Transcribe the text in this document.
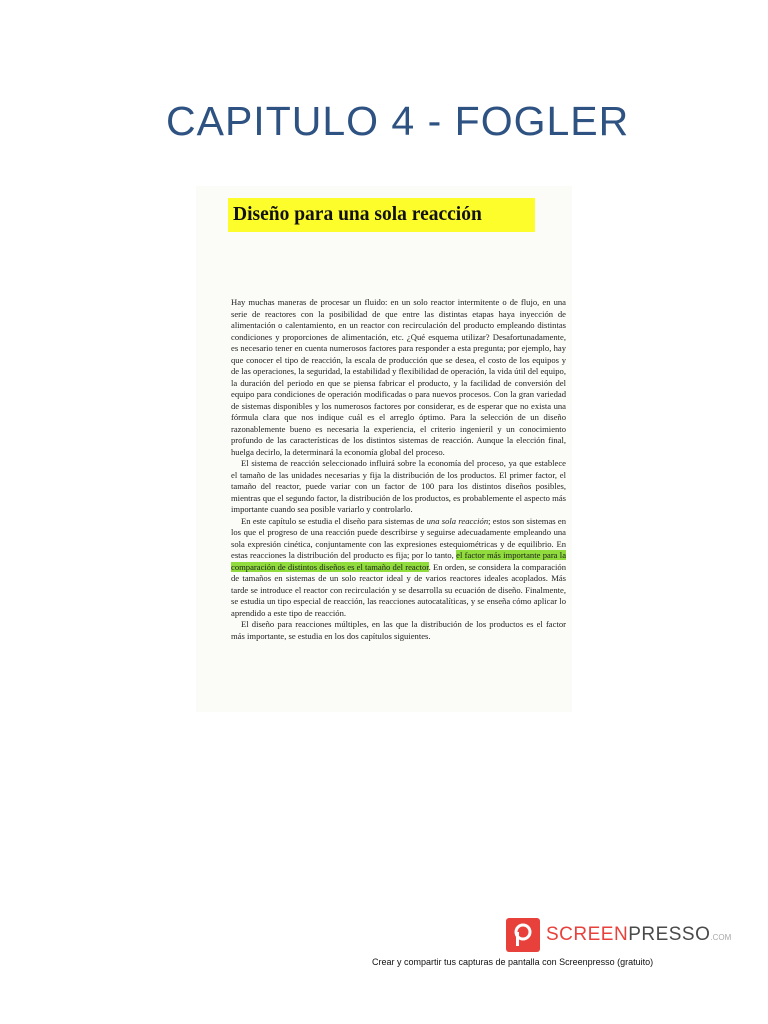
CAPITULO 4 - FOGLER
Diseño para una sola reacción

Hay muchas maneras de procesar un fluido: en un solo reactor intermitente o de flujo, en una serie de reactores con la posibilidad de que entre las distintas etapas haya inyección de alimentación o calentamiento, en un reactor con recirculación del producto empleando distintas condiciones y proporciones de alimentación, etc. ¿Qué esquema utilizar? Desafortunadamente, es necesario tener en cuenta numerosos factores para responder a esta pregunta; por ejemplo, hay que conocer el tipo de reacción, la escala de producción que se desea, el costo de los equipos y de las operaciones, la seguridad, la estabilidad y flexibilidad de operación, la vida útil del equipo, la duración del periodo en que se piensa fabricar el producto, y la facilidad de conversión del equipo para condiciones de operación modificadas o para nuevos procesos. Con la gran variedad de sistemas disponibles y los numerosos factores por considerar, es de esperar que no exista una fórmula clara que nos indique cuál es el arreglo óptimo. Para la selección de un diseño razonablemente bueno es necesaria la experiencia, el criterio ingenieril y un conocimiento profundo de las características de los distintos sistemas de reacción. Aunque la elección final, huelga decirlo, la determinará la economía global del proceso.

El sistema de reacción seleccionado influirá sobre la economía del proceso, ya que establece el tamaño de las unidades necesarias y fija la distribución de los productos. El primer factor, el tamaño del reactor, puede variar con un factor de 100 para los distintos diseños posibles, mientras que el segundo factor, la distribución de los productos, es probablemente el aspecto más importante cuando sea posible variarlo y controlarlo.

En este capítulo se estudia el diseño para sistemas de una sola reacción; estos son sistemas en los que el progreso de una reacción puede describirse y seguirse adecuadamente empleando una sola expresión cinética, conjuntamente con las expresiones estequiométricas y de equilibrio. En estas reacciones la distribución del producto es fija; por lo tanto, el factor más importante para la comparación de distintos diseños es el tamaño del reactor. En orden, se considera la comparación de tamaños en sistemas de un solo reactor ideal y de varios reactores ideales acoplados. Más tarde se introduce el reactor con recirculación y se desarrolla su ecuación de diseño. Finalmente, se estudia un tipo especial de reacción, las reacciones autocatalíticas, y se enseña cómo aplicar lo aprendido a este tipo de reacción.

El diseño para reacciones múltiples, en las que la distribución de los productos es el factor más importante, se estudia en los dos capítulos siguientes.

SCREENPRESSO.COM
Crear y compartir tus capturas de pantalla con Screenpresso (gratuito)
